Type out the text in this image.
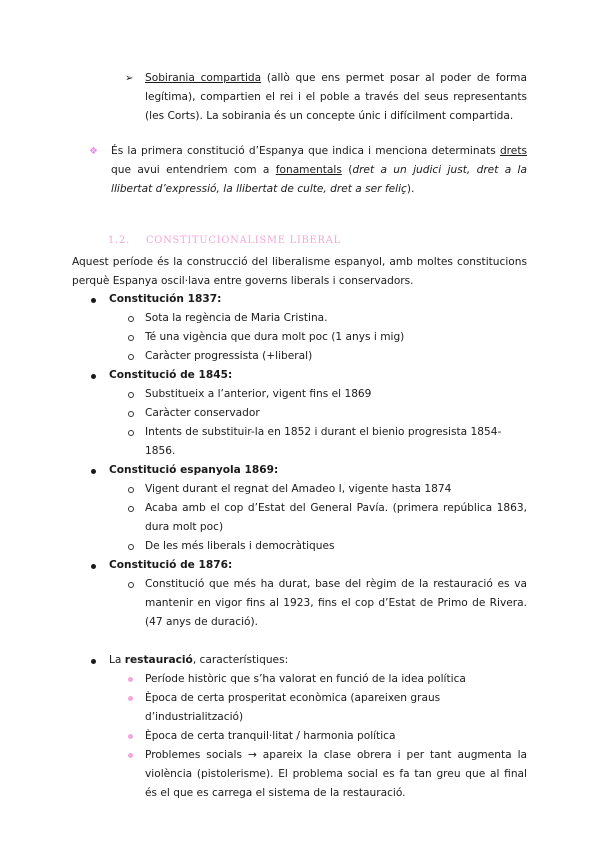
➢ Sobirania compartida (allò que ens permet posar al poder de forma legítima), compartien el rei i el poble a través del seus representants (les Corts). La sobirania és un concepte únic i difícilment compartida.
❖ És la primera constitució d’Espanya que indica i menciona determinats drets que avui entendriem com a fonamentals (dret a un judici just, dret a la llibertat d’expressió, la llibertat de culte, dret a ser feliç).
1.2. CONSTITUCIONALISME LIBERAL
Aquest període és la construcció del liberalisme espanyol, amb moltes constitucions perquè Espanya oscil·lava entre governs liberals i conservadors.
Constitución 1837:
Sota la regència de Maria Cristina.
Té una vigència que dura molt poc (1 anys i mig)
Caràcter progressista (+liberal)
Constitució de 1845:
Substitueix a l’anterior, vigent fins el 1869
Caràcter conservador
Intents de substituir-la en 1852 i durant el bienio progresista 1854-1856.
Constitució espanyola 1869:
Vigent durant el regnat del Amadeo I, vigente hasta 1874
Acaba amb el cop d’Estat del General Pavía. (primera república 1863, dura molt poc)
De les més liberals i democràtiques
Constitució de 1876:
Constitució que més ha durat, base del règim de la restauració es va mantenir en vigor fins al 1923, fins el cop d’Estat de Primo de Rivera. (47 anys de duració).
La restauració, característiques:
Període històric que s’ha valorat en funció de la idea política
Època de certa prosperitat econòmica (apareixen graus d’industrialització)
Època de certa tranquil·litat / harmonia política
Problemes socials → apareix la clase obrera i per tant augmenta la violència (pistolerisme). El problema social es fa tan greu que al final és el que es carrega el sistema de la restauració.
